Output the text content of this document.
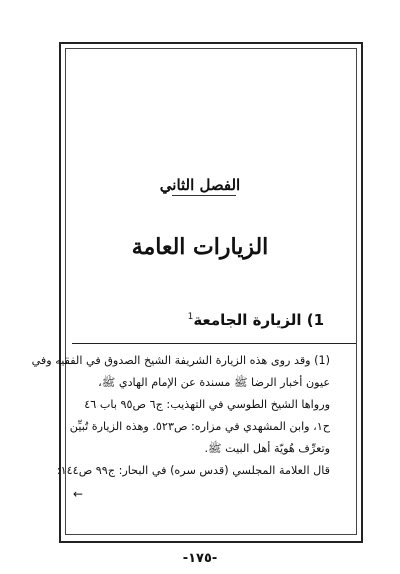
الفصل الثاني
الزيارات العامة
1) الزيارة الجامعة$^1$
(1) وقد روى هذه الزيارة الشريفة الشيخ الصدوق في الفقيه وفي
عيون أخبار الرضا ﷺ مسندة عن الإمام الهادي ﷺ،
ورواها الشيخ الطوسي في التهذيب: ج٦ ص٩٥ باب ٤٦
ح١، وابن المشهدي في مزاره: ص٥٢٣. وهذه الزيارة تُبيِّن
وتعرِّف هُويّة أهل البيت ﷺ.
قال العلامة المجلسي (قدس سره) في البحار: ج٩٩ ص١٤٤:
←
-١٧٥-
